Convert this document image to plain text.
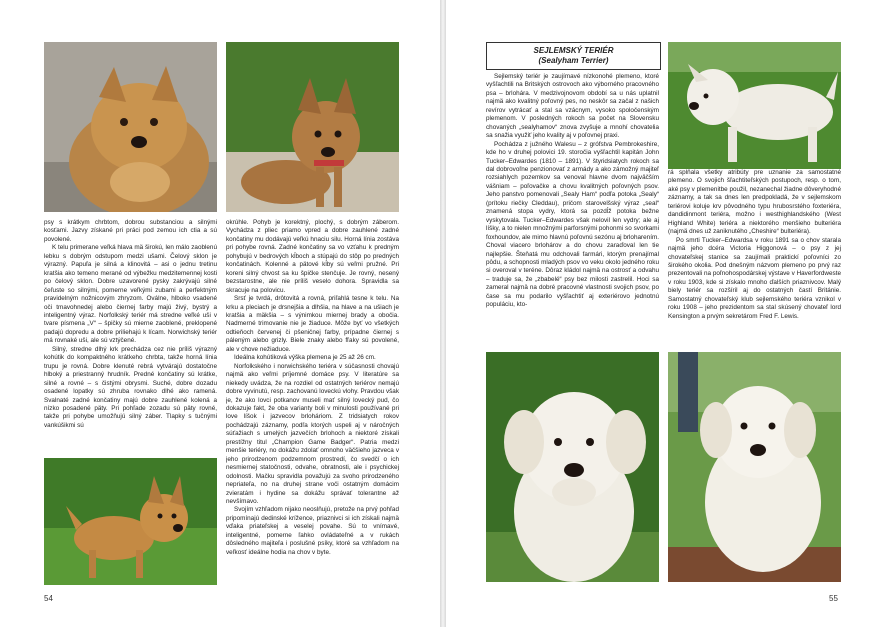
psy s krátkym chrbtom, dobrou substanciou a silnými kosťami. Jazvy získané pri práci pod zemou ich ctia a sú povolené.

K telu primerane veľká hlava mä širokú, len málo zaoblenú lebku s dobrým odstupom medzi ušami. Čelový sklon je výrazný. Papuľa je silná a klinovitá – asi o jednu tretinu kratšia ako temeno merané od výbežku medzitemennej kosti po čelový sklon. Dobre uzavorené pysky zakrývajú silné čeľuste so silnými, pomerne veľkými zubami a perfektným pravidelným nožnicovým zhryzom. Oválne, hlboko vsadené oči tmavohnedej alebo čiernej farby majú živý, bystrý a inteligentný výraz. Norfolkský teriér má stredne veľké uši v tvare písmena „V“ – špičky sú mierne zaoblené, preklopené padajú dopredu a dobre priliehajú k lícam. Norwichský teriér má rovnaké uši, ale sú vztýčené.

Silný, stredne dlhý krk prechádza cez nie príliš výrazný kohútik do kompaktného krátkeho chrbta, takže horná línia trupu je rovná. Dobre klenuté rebrá vytvárajú dostatočne hlboký a priestranný hrudník. Predné končatiny sú krátke, silné a rovné – s čistými obrysmi. Suché, dobre dozadu osadené lopatky sú zhruba rovnako dlhé ako ramená. Svalnaté zadné končatiny majú dobre zauhlené kolená a nízko posadené päty. Pri pohľade zozadu sú päty rovné, takže pri pohybe umožňujú silný záber. Tlapky s tučnými vankúšikmi sú

okrúhle. Pohyb je korektný, plochý, s dobrým záberom. Vychádza z pliec priamo vpred a dobre zauhlené zadné končatiny mu dodávajú veľkú hnaciu silu. Horná línia zostáva pri pohybe rovná. Zadné končatiny sa vo vzťahu k predným pohybujú v bedrových kĺboch a stúpajú do stôp po predných končatinách. Kolenné a pätové kĺby sú veľmi pružné. Pri koreni silný chvost sa ku špičke stenčuje. Je rovný, nesený bezstarostne, ale nie príliš veselo dohora. Spravidla sa skracuje na polovicu.

Srsť je tvrdá, drôtovitá a rovná, priľahlá tesne k telu. Na krku a pleciach je drsnejšia a dlhšia, na hlave a na ušiach je kratšia a mäkšia – s výnimkou miernej brady a obočia. Nadmerné trimovanie nie je žiaduce. Môže byť vo všetkých odtieňoch červenej či pšeničnej farby, prípadne čiernej s páleným alebo grizly. Biele znaky alebo fľaky sú povolené, ale v chove nežiaduce.

Ideálna kohútiková výška plemena je 25 až 26 cm.

Norfolkského i norwichského teriéra v súčasnosti chovajú najmä ako veľmi príjemné domáce psy. V literatúre sa niekedy uvádza, že na rozdiel od ostatných teriérov nemajú dobre vyvinutú, resp. zachovanú loveckú vlohy. Pravdou však je, že ako lovci potkanov museli mať silný lovecký pud, čo dokazuje fakt, že oba varianty boli v minulosti používané pri love líšok i jazvecov brloháriom. Z tridsiatych rokov pochádzajú záznamy, podľa ktorých uspeli aj v náročných súťažiach s umelých jazvečích brlohoch a niektoré získali prestížny titul „Champion Game Badger“. Patria medzi menšie teriéry, no dokážu zdolať omnoho väčšieho jazveca v jeho prirodzenom podzemnom prostredí, čo svedčí o ich nesmiernej statočnosti, odvahe, obratnosti, ale i psychickej odolnosti. Mačku spravidla považujú za svoho prirodzeného nepriateľa, no na druhej strane voči ostatným domácim zvieratám i hydine sa dokážu správať tolerantne až nevšímavo.

Svojím vzhľadom nijako neoslňujú, pretože na prvý pohľad pripomínajú dedinské krížence, priaznivci si ich získali najmä vďaka priateľskej a veselej povahe. Sú to vnímavé, inteligentné, pomerne ľahko ovládateľné a v rukách dôsledného majiteľa i poslušné psíky, ktoré sa vzhľadom na veľkosť ideálne hodia na chov v byte.

54
SEJLEMSKÝ TERIÉR
(Sealyham Terrier)

Sejlemský teriér je zaujímavé nízkonohé plemeno, ktoré vyšľachtili na Britských ostrovoch ako výborného pracovného psa – brlohára. V medzivojnovom období sa u nás uplatnil najmä ako kvalitný poľovný pes, no neskôr sa začal z našich revírov vytrácať a stal sa vzácnym, vysoko spoločenským plemenom. V posledných rokoch sa počet na Slovensku chovaných „sealyhamov“ znova zvyšuje a mnohí chovatelia sa snažia využiť jeho kvality aj v poľovnej praxi.

Pochádza z južného Walesu – z grófstva Pembrokeshire, kde ho v druhej polovici 19. storočia vyšľachtil kapitán John Tucker–Edwardes (1810 – 1891). V štyridsiatych rokoch sa dal dobrovoľne penzionovať z armády a ako zámožný majiteľ rozsiahlych pozemkov sa venoval hlavne dvom najväčším vášniam – poľovačke a chovu kvalitných poľovných psov. Jeho panstvo pomenovali „Sealy Ham“ podľa potoka „Sealy“ (prítoku riečky Cleddau), pričom starovelšský výraz „seal“ znamená stopa vydry, ktorá sa pozdĺž potoka bežne vyskytovala. Tucker–Edwardes však nelovil len vydry; ale aj líšky, a to nielen množnými parforsnými pohonmi so svorkami foxhoundov, ale mimo hlavnú poľovnú sezónu aj brloharením. Choval viacero brlohárov a do chovu zaraďoval len tie najlepšie. Šteňatá mu odchovali farmári, ktorým prenajímal pôdu, a schopnosti mladých psov vo veku okolo jedného roku si overoval v teréne. Dôraz kládol najmä na ostrosť a odvahu – traduje sa, že „zbabelé“ psy bez milosti zastrelil. Hoci sa zameral najmä na dobré pracovné vlastnosti svojich psov, po čase sa mu podarilo vyšľachtiť aj exteriérovo jednotnú populáciu, kto-

rá spĺňala všetky atribúty pre uznanie za samostatné plemeno. O svojich šľachtiteľských postupoch, resp. o tom, aké psy v plemenitbe použil, nezanechal žiadne dôveryhodné záznamy, a tak sa dnes len predpokladá, že v sejlemskom teriérovi koluje krv pôvodného typu hrubosrstého foxteriéra, dandidinmont teriéra, možno i westhighlandského (West Highland White) teriéra a niektorého menšieho bulteriéra (najmä dnes už zaniknutého „Cheshire“ bulteriéra).

Po smrti Tucker–Edwardsa v roku 1891 sa o chov starala najmä jeho dcéra Victoria Higgonová – o psy z jej chovateľskej stanice sa zaujímali praktickí poľovníci zo širokého okolia. Pod dnešným názvom plemeno po prvý raz prezentovali na poľnohospodárskej výstave v Haverfordweste v roku 1903, kde si získalo mnoho ďalších priaznivcov. Malý biely teriér sa rozšíril aj do ostatných častí Británie. Samostatný chovateľský klub sejlemského teriéra vznikol v roku 1908 – jeho prezidentom sa stal skúsený chovateľ lord Kensington a prvým sekretárom Fred F. Lewis.

55
